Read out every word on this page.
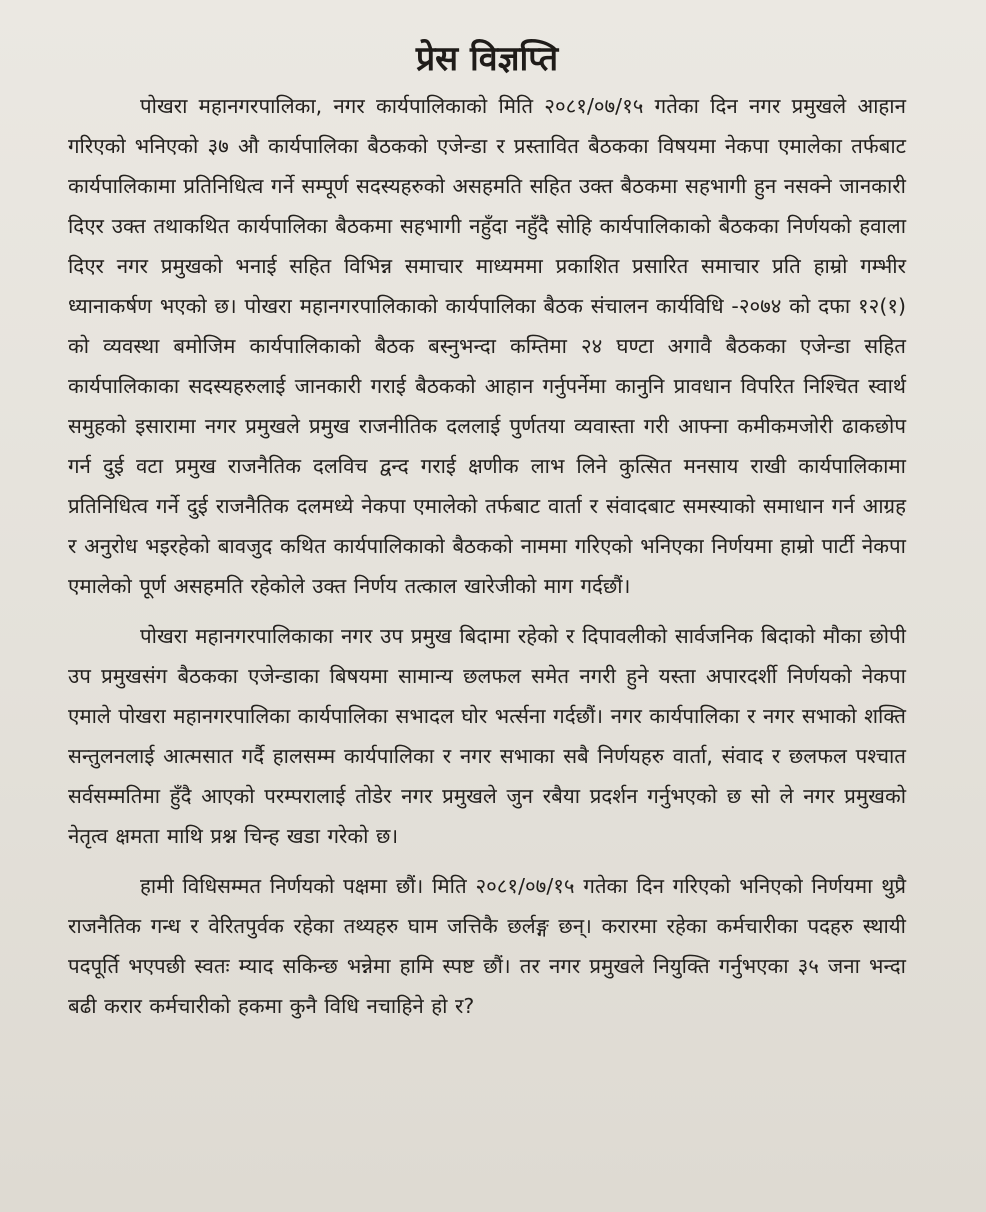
प्रेस विज्ञप्ति

पोखरा महानगरपालिका, नगर कार्यपालिकाको मिति २०८१/०७/१५ गतेका दिन नगर प्रमुखले आहान गरिएको भनिएको ३७ औ कार्यपालिका बैठकको एजेन्डा र प्रस्तावित बैठकका विषयमा नेकपा एमालेका तर्फबाट कार्यपालिकामा प्रतिनिधित्व गर्ने सम्पूर्ण सदस्यहरुको असहमति सहित उक्त बैठकमा सहभागी हुन नसक्ने जानकारी दिएर उक्त तथाकथित कार्यपालिका बैठकमा सहभागी नहुँदा नहुँदै सोहि कार्यपालिकाको बैठकका निर्णयको हवाला दिएर नगर प्रमुखको भनाई सहित विभिन्न समाचार माध्यममा प्रकाशित प्रसारित समाचार प्रति हाम्रो गम्भीर ध्यानाकर्षण भएको छ। पोखरा महानगरपालिकाको कार्यपालिका बैठक संचालन कार्यविधि -२०७४ को दफा १२(१) को व्यवस्था बमोजिम कार्यपालिकाको बैठक बस्नुभन्दा कम्तिमा २४ घण्टा अगावै बैठकका एजेन्डा सहित कार्यपालिकाका सदस्यहरुलाई जानकारी गराई बैठकको आहान गर्नुपर्नेमा कानुनि प्रावधान विपरित निश्चित स्वार्थ समुहको इसारामा नगर प्रमुखले प्रमुख राजनीतिक दललाई पुर्णतया व्यवास्ता गरी आफ्ना कमीकमजोरी ढाकछोप गर्न दुई वटा प्रमुख राजनैतिक दलविच द्वन्द गराई क्षणीक लाभ लिने कुत्सित मनसाय राखी कार्यपालिकामा प्रतिनिधित्व गर्ने दुई राजनैतिक दलमध्ये नेकपा एमालेको तर्फबाट वार्ता र संवादबाट समस्याको समाधान गर्न आग्रह र अनुरोध भइरहेको बावजुद कथित कार्यपालिकाको बैठकको नाममा गरिएको भनिएका निर्णयमा हाम्रो पार्टी नेकपा एमालेको पूर्ण असहमति रहेकोले उक्त निर्णय तत्काल खारेजीको माग गर्दछौं।

पोखरा महानगरपालिकाका नगर उप प्रमुख बिदामा रहेको र दिपावलीको सार्वजनिक बिदाको मौका छोपी उप प्रमुखसंग बैठकका एजेन्डाका बिषयमा सामान्य छलफल समेत नगरी हुने यस्ता अपारदर्शी निर्णयको नेकपा एमाले पोखरा महानगरपालिका कार्यपालिका सभादल घोर भर्त्सना गर्दछौं। नगर कार्यपालिका र नगर सभाको शक्ति सन्तुलनलाई आत्मसात गर्दै हालसम्म कार्यपालिका र नगर सभाका सबै निर्णयहरु वार्ता, संवाद र छलफल पश्चात सर्वसम्मतिमा हुँदै आएको परम्परालाई तोडेर नगर प्रमुखले जुन रबैया प्रदर्शन गर्नुभएको छ सो ले नगर प्रमुखको नेतृत्व क्षमता माथि प्रश्न चिन्ह खडा गरेको छ।

हामी विधिसम्मत निर्णयको पक्षमा छौं। मिति २०८१/०७/१५ गतेका दिन गरिएको भनिएको निर्णयमा थुप्रै राजनैतिक गन्ध र वेरितपुर्वक रहेका तथ्यहरु घाम जत्तिकै छर्लङ्ग छन्। करारमा रहेका कर्मचारीका पदहरु स्थायी पदपूर्ति भएपछी स्वतः म्याद सकिन्छ भन्नेमा हामि स्पष्ट छौं। तर नगर प्रमुखले नियुक्ति गर्नुभएका ३५ जना भन्दा बढी करार कर्मचारीको हकमा कुनै विधि नचाहिने हो र?
